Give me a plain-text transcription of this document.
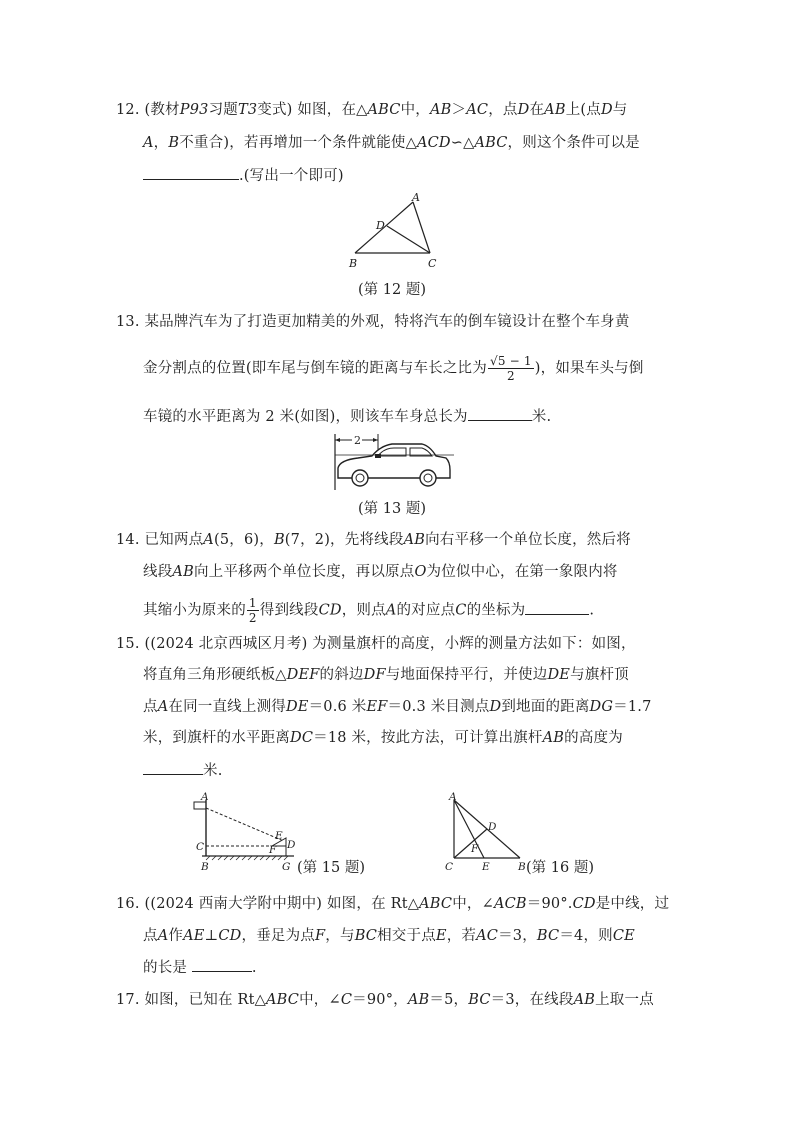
12. (教材P93习题T3变式) 如图，在△ABC中，AB＞AC，点D在AB上(点D与
A，B不重合)，若再增加一个条件就能使△ACD∽△ABC，则这个条件可以是
.(写出一个即可)
A
D
B	C
(第 12 题)
13. 某品牌汽车为了打造更加精美的外观，特将汽车的倒车镜设计在整个车身黄
金分割点的位置(即车尾与倒车镜的距离与车长之比为 $\frac{√5 - 1}{2}$ )，如果车头与倒
车镜的水平距离为 2 米(如图)，则该车车身总长为	米.
2
(第 13 题)
14. 已知两点A(5，6)，B(7，2)，先将线段AB向右平移一个单位长度，然后将
线段AB向上平移两个单位长度，再以原点O为位似中心，在第一象限内将
其缩小为原来的 $\frac{1}{2}$ 得到线段CD，则点A的对应点C的坐标为	.
15. ((2024 北京西城区月考) 为测量旗杆的高度，小辉的测量方法如下：如图，
将直角三角形硬纸板△DEF的斜边DF与地面保持平行，并使边DE与旗杆顶
点A在同一直线上测得DE＝0.6 米EF＝0.3 米目测点D到地面的距离DG＝1.7
米，到旗杆的水平距离DC＝18 米，按此方法，可计算出旗杆AB的高度为
米.
A
C
B
E
D
F
G (第 15 题)
A
D
F
C	E	B (第 16 题)
16. ((2024 西南大学附中期中) 如图，在 Rt△ABC中，∠ACB＝90°.CD是中线，过
点A作AE⊥CD，垂足为点F，与BC相交于点E，若AC＝3，BC＝4，则CE
的长是	.
17. 如图，已知在 Rt△ABC中，∠C＝90°，AB＝5，BC＝3，在线段AB上取一点
